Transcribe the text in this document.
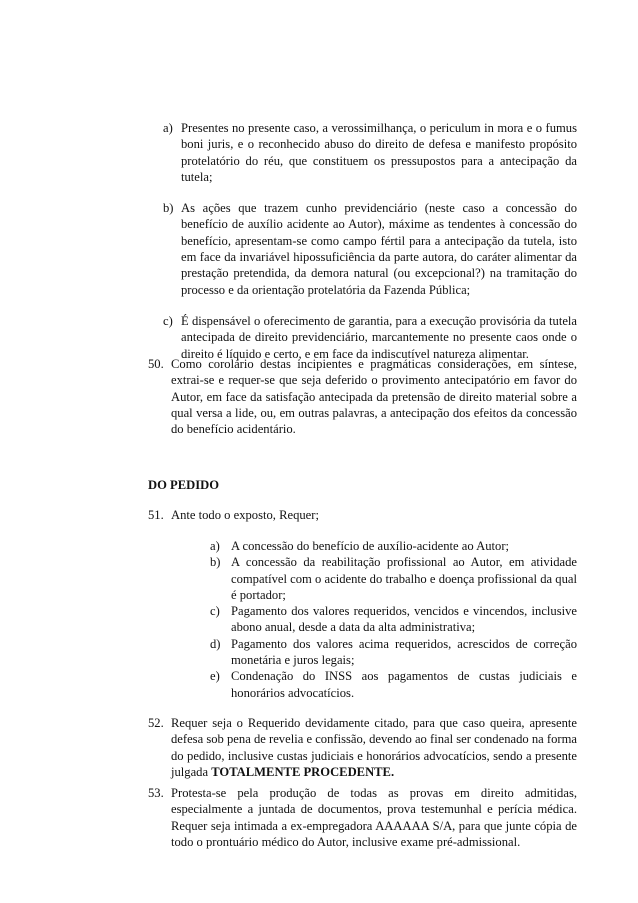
a) Presentes no presente caso, a verossimilhança, o periculum in mora e o fumus boni juris, e o reconhecido abuso do direito de defesa e manifesto propósito protelatório do réu, que constituem os pressupostos para a antecipação da tutela;
b) As ações que trazem cunho previdenciário (neste caso a concessão do benefício de auxílio acidente ao Autor), máxime as tendentes à concessão do benefício, apresentam-se como campo fértil para a antecipação da tutela, isto em face da invariável hipossuficiência da parte autora, do caráter alimentar da prestação pretendida, da demora natural (ou excepcional?) na tramitação do processo e da orientação protelatória da Fazenda Pública;
c) É dispensável o oferecimento de garantia, para a execução provisória da tutela antecipada de direito previdenciário, marcantemente no presente caos onde o direito é líquido e certo, e em face da indiscutível natureza alimentar.
50. Como corolário destas incipientes e pragmáticas considerações, em síntese, extrai-se e requer-se que seja deferido o provimento antecipatório em favor do Autor, em face da satisfação antecipada da pretensão de direito material sobre a qual versa a lide, ou, em outras palavras, a antecipação dos efeitos da concessão do benefício acidentário.
DO PEDIDO
51. Ante todo o exposto, Requer;
a) A concessão do benefício de auxílio-acidente ao Autor;
b) A concessão da reabilitação profissional ao Autor, em atividade compatível com o acidente do trabalho e doença profissional da qual é portador;
c) Pagamento dos valores requeridos, vencidos e vincendos, inclusive abono anual, desde a data da alta administrativa;
d) Pagamento dos valores acima requeridos, acrescidos de correção monetária e juros legais;
e) Condenação do INSS aos pagamentos de custas judiciais e honorários advocatícios.
52. Requer seja o Requerido devidamente citado, para que caso queira, apresente defesa sob pena de revelia e confissão, devendo ao final ser condenado na forma do pedido, inclusive custas judiciais e honorários advocatícios, sendo a presente julgada TOTALMENTE PROCEDENTE.
53. Protesta-se pela produção de todas as provas em direito admitidas, especialmente a juntada de documentos, prova testemunhal e perícia médica. Requer seja intimada a ex-empregadora AAAAAA S/A, para que junte cópia de todo o prontuário médico do Autor, inclusive exame pré-admissional.
